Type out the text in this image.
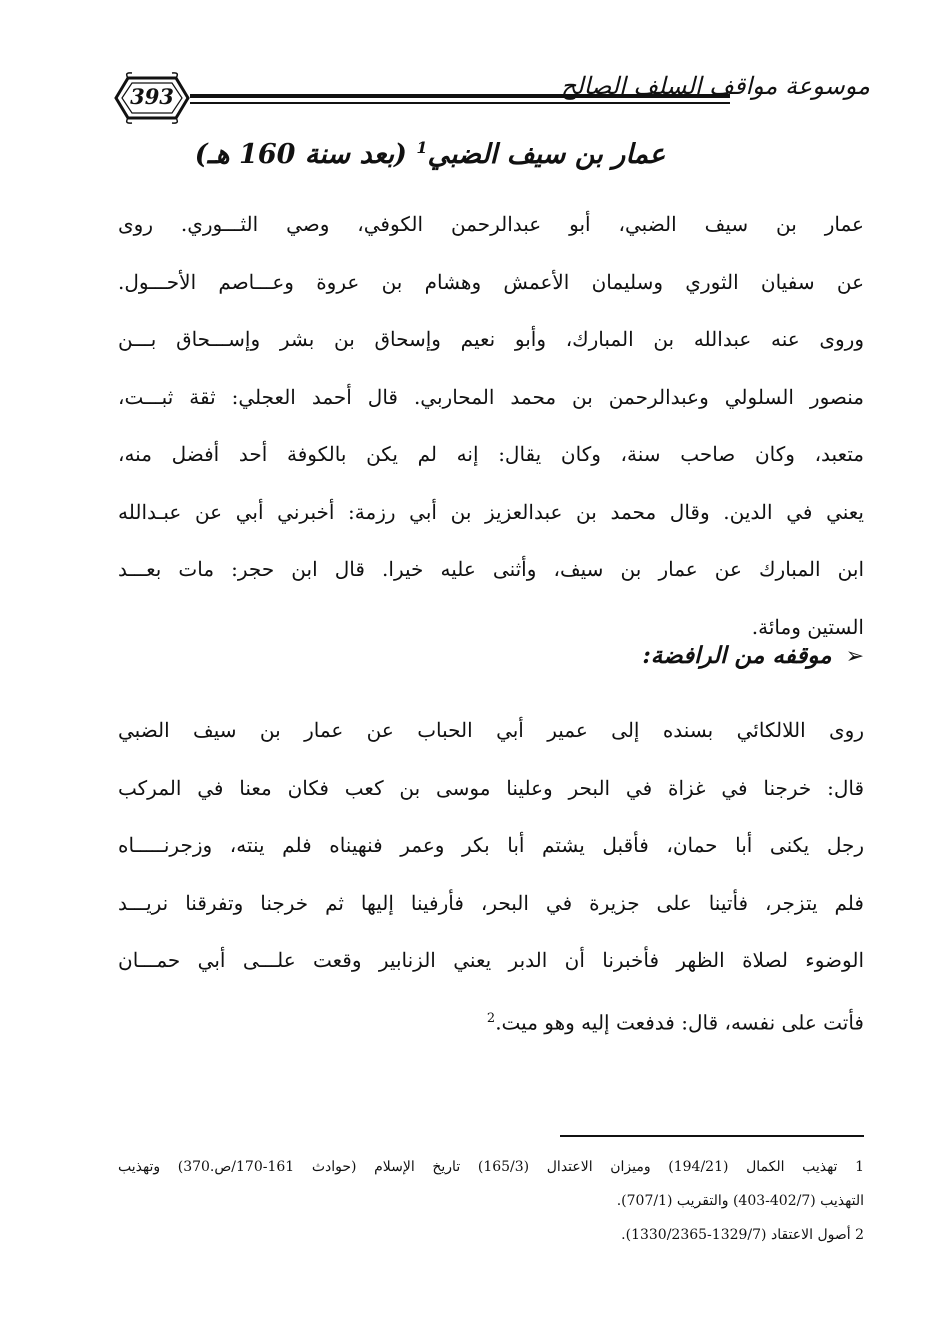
393	موسوعة مواقف السلف الصالح
عمار بن سيف الضبي$^1$ (بعد سنة 160 هـ)
عمار بن سيف الضبي، أبو عبدالرحمن الكوفي، وصي الثـــوري. روى
عن سفيان الثوري وسليمان الأعمش وهشام بن عروة وعـــاصم الأحـــول.
وروى عنه عبدالله بن المبارك، وأبو نعيم وإسحاق بن بشر وإســـحاق بـــن
منصور السلولي وعبدالرحمن بن محمد المحاربي. قال أحمد العجلي: ثقة ثبـــت،
متعبد، وكان صاحب سنة، وكان يقال: إنه لم يكن بالكوفة أحد أفضل منه،
يعني في الدين. وقال محمد بن عبدالعزيز بن أبي رزمة: أخبرني أبي عن عبـدالله
ابن المبارك عن عمار بن سيف، وأثنى عليه خيرا. قال ابن حجر: مات بعـــد
الستين ومائة.
➢موقفه من الرافضة:
روى اللالكائي بسنده إلى عمير أبي الحباب عن عمار بن سيف الضبي
قال: خرجنا في غزاة في البحر وعلينا موسى بن كعب فكان معنا في المركب
رجل يكنى أبا حمان، فأقبل يشتم أبا بكر وعمر فنهيناه فلم ينته، وزجرنـــــاه
فلم يتزجر، فأتينا على جزيرة في البحر، فأرفينا إليها ثم خرجنا وتفرقنا نريـــد
الوضوء لصلاة الظهر فأخبرنا أن الدبر يعني الزنابير وقعت علـــى أبي حمـــان
فأتت على نفسه، قال: فدفعت إليه وهو ميت.$^2$
1 تهذيب الكمال (194/21) وميزان الاعتدال (165/3) تاريخ الإسلام (حوادث 161-170/ص.370) وتهذيب
التهذيب (402/7-403) والتقريب (707/1).
2 أصول الاعتقاد (1329/7-1330/2365).
